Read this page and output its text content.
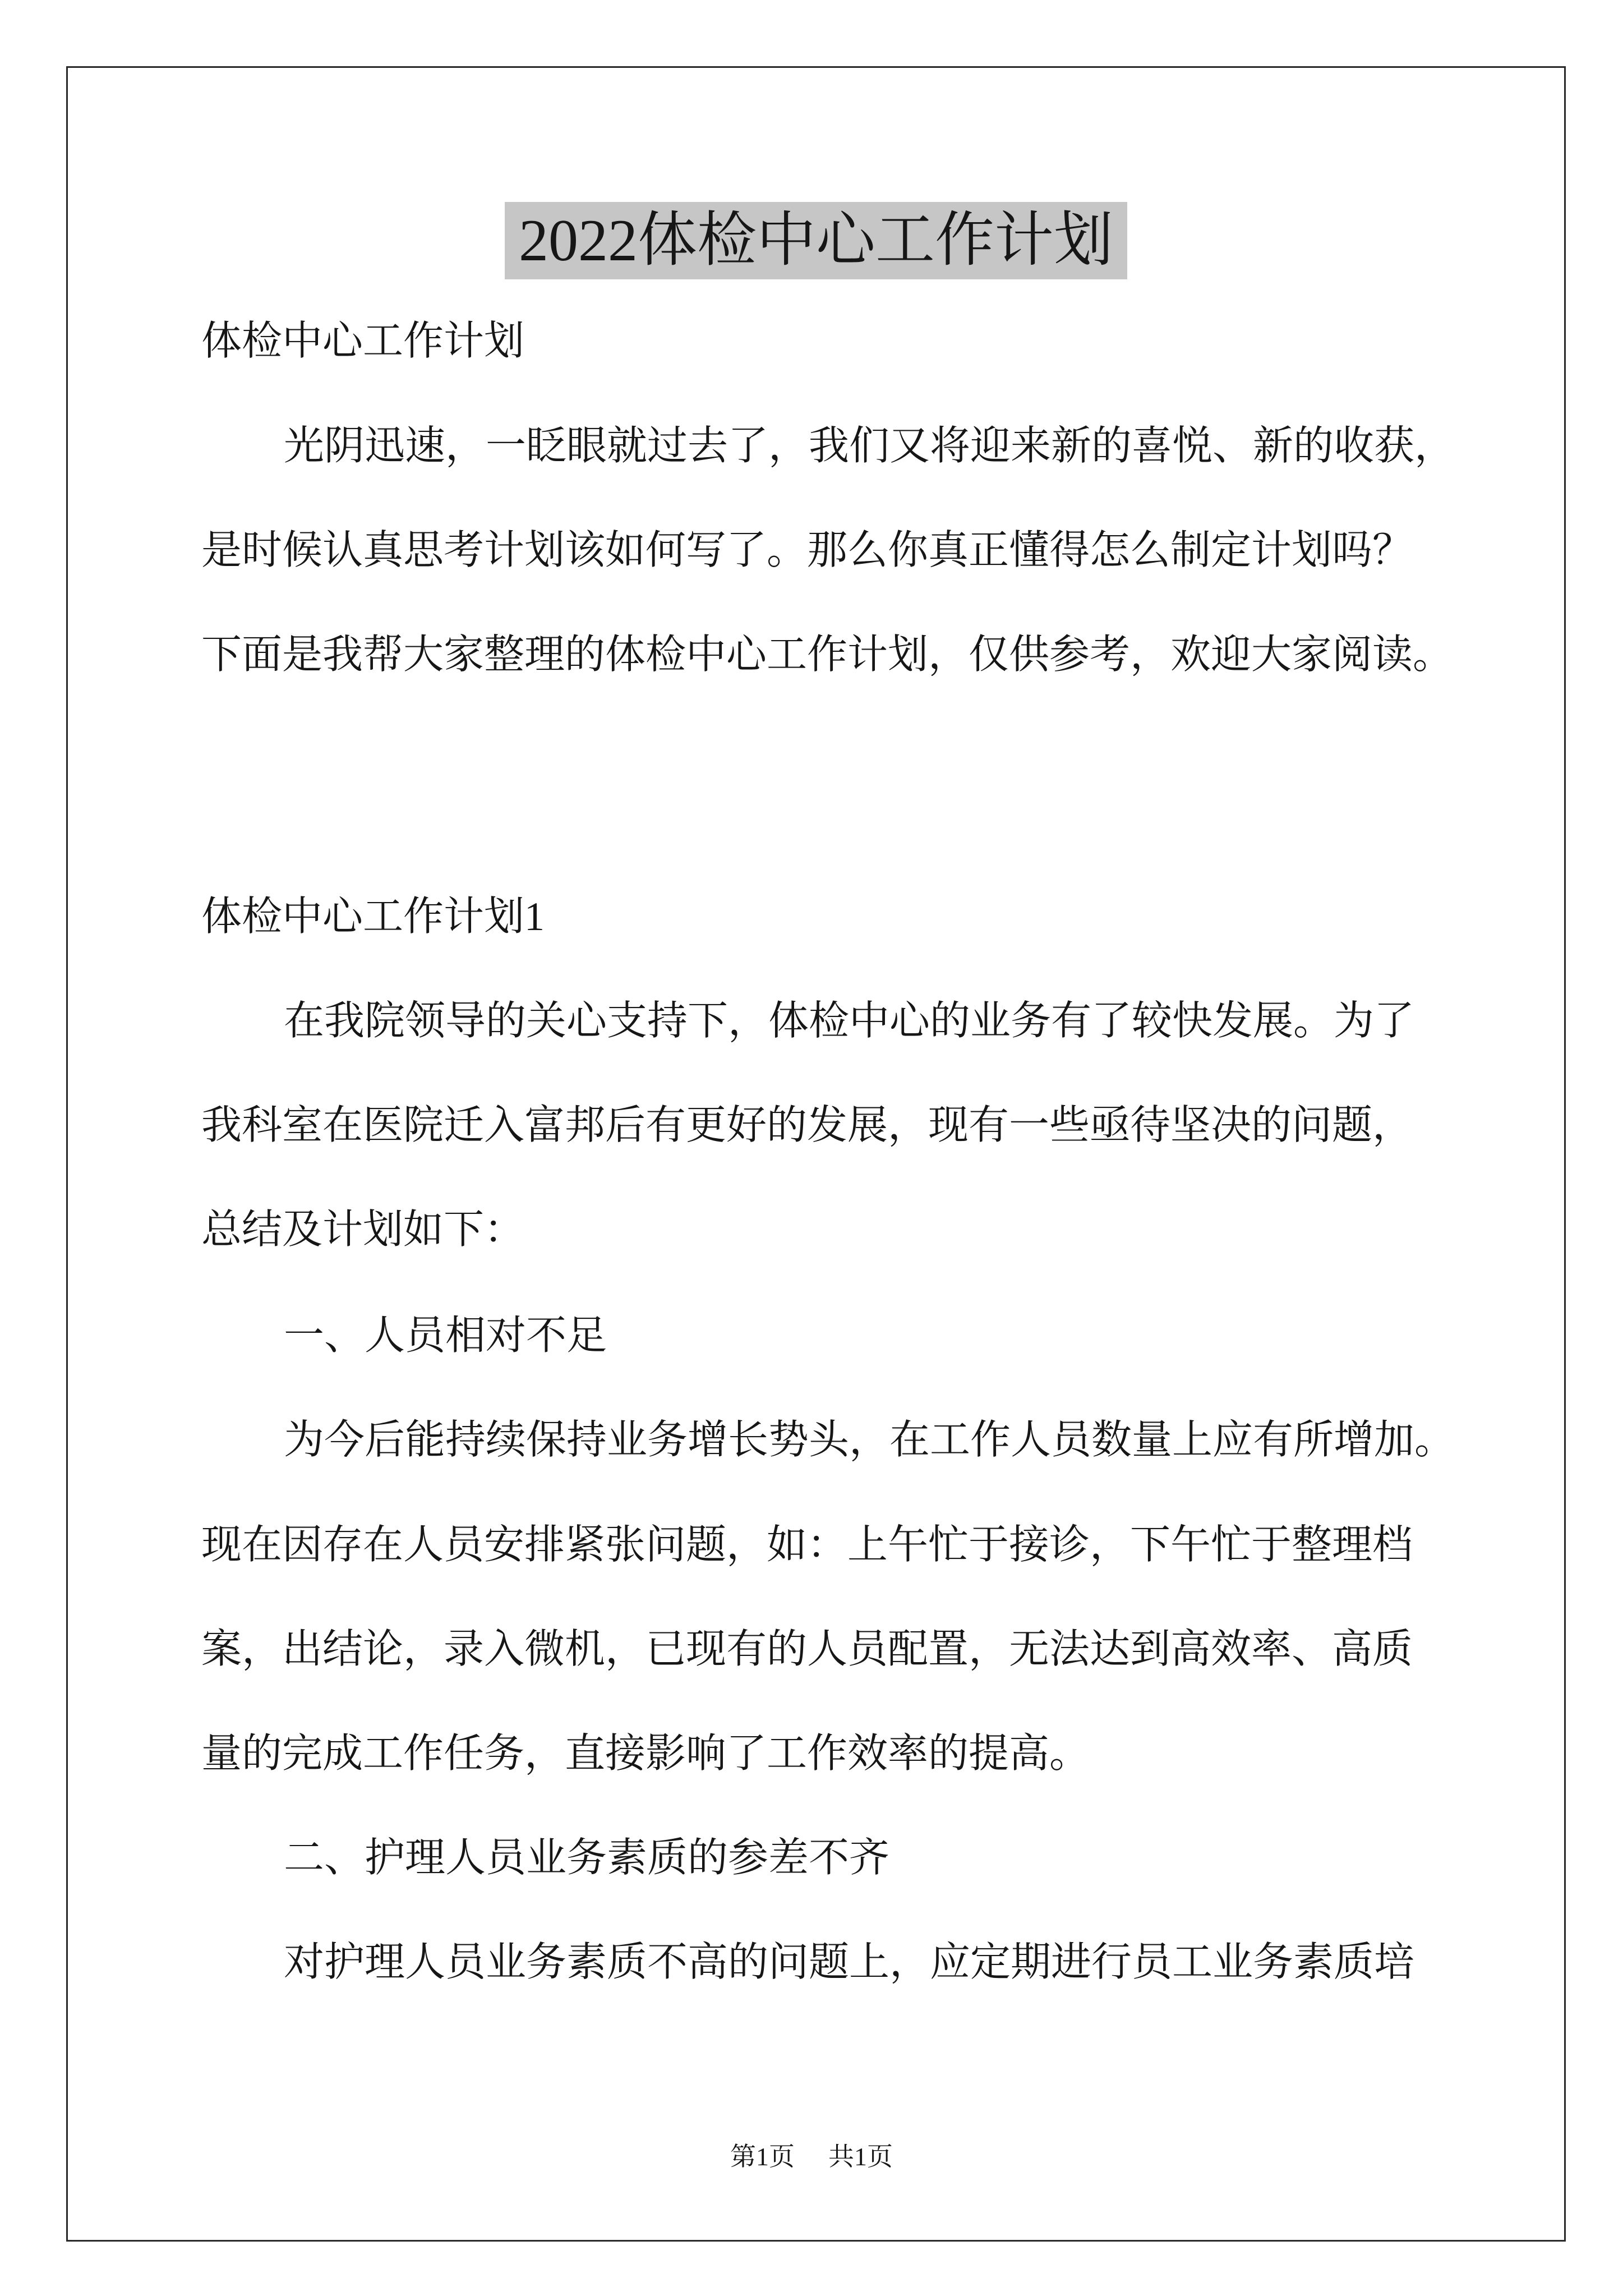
2022体检中心工作计划
体检中心工作计划
光阴迅速，一眨眼就过去了，我们又将迎来新的喜悦、新的收获，
是时候认真思考计划该如何写了。那么你真正懂得怎么制定计划吗？
下面是我帮大家整理的体检中心工作计划，仅供参考，欢迎大家阅读。
体检中心工作计划1
在我院领导的关心支持下，体检中心的业务有了较快发展。为了
我科室在医院迁入富邦后有更好的发展，现有一些亟待坚决的问题，
总结及计划如下：
一、人员相对不足
为今后能持续保持业务增长势头，在工作人员数量上应有所增加。
现在因存在人员安排紧张问题，如：上午忙于接诊，下午忙于整理档
案，出结论，录入微机，已现有的人员配置，无法达到高效率、高质
量的完成工作任务，直接影响了工作效率的提高。
二、护理人员业务素质的参差不齐
对护理人员业务素质不高的问题上，应定期进行员工业务素质培
第1页 共1页
